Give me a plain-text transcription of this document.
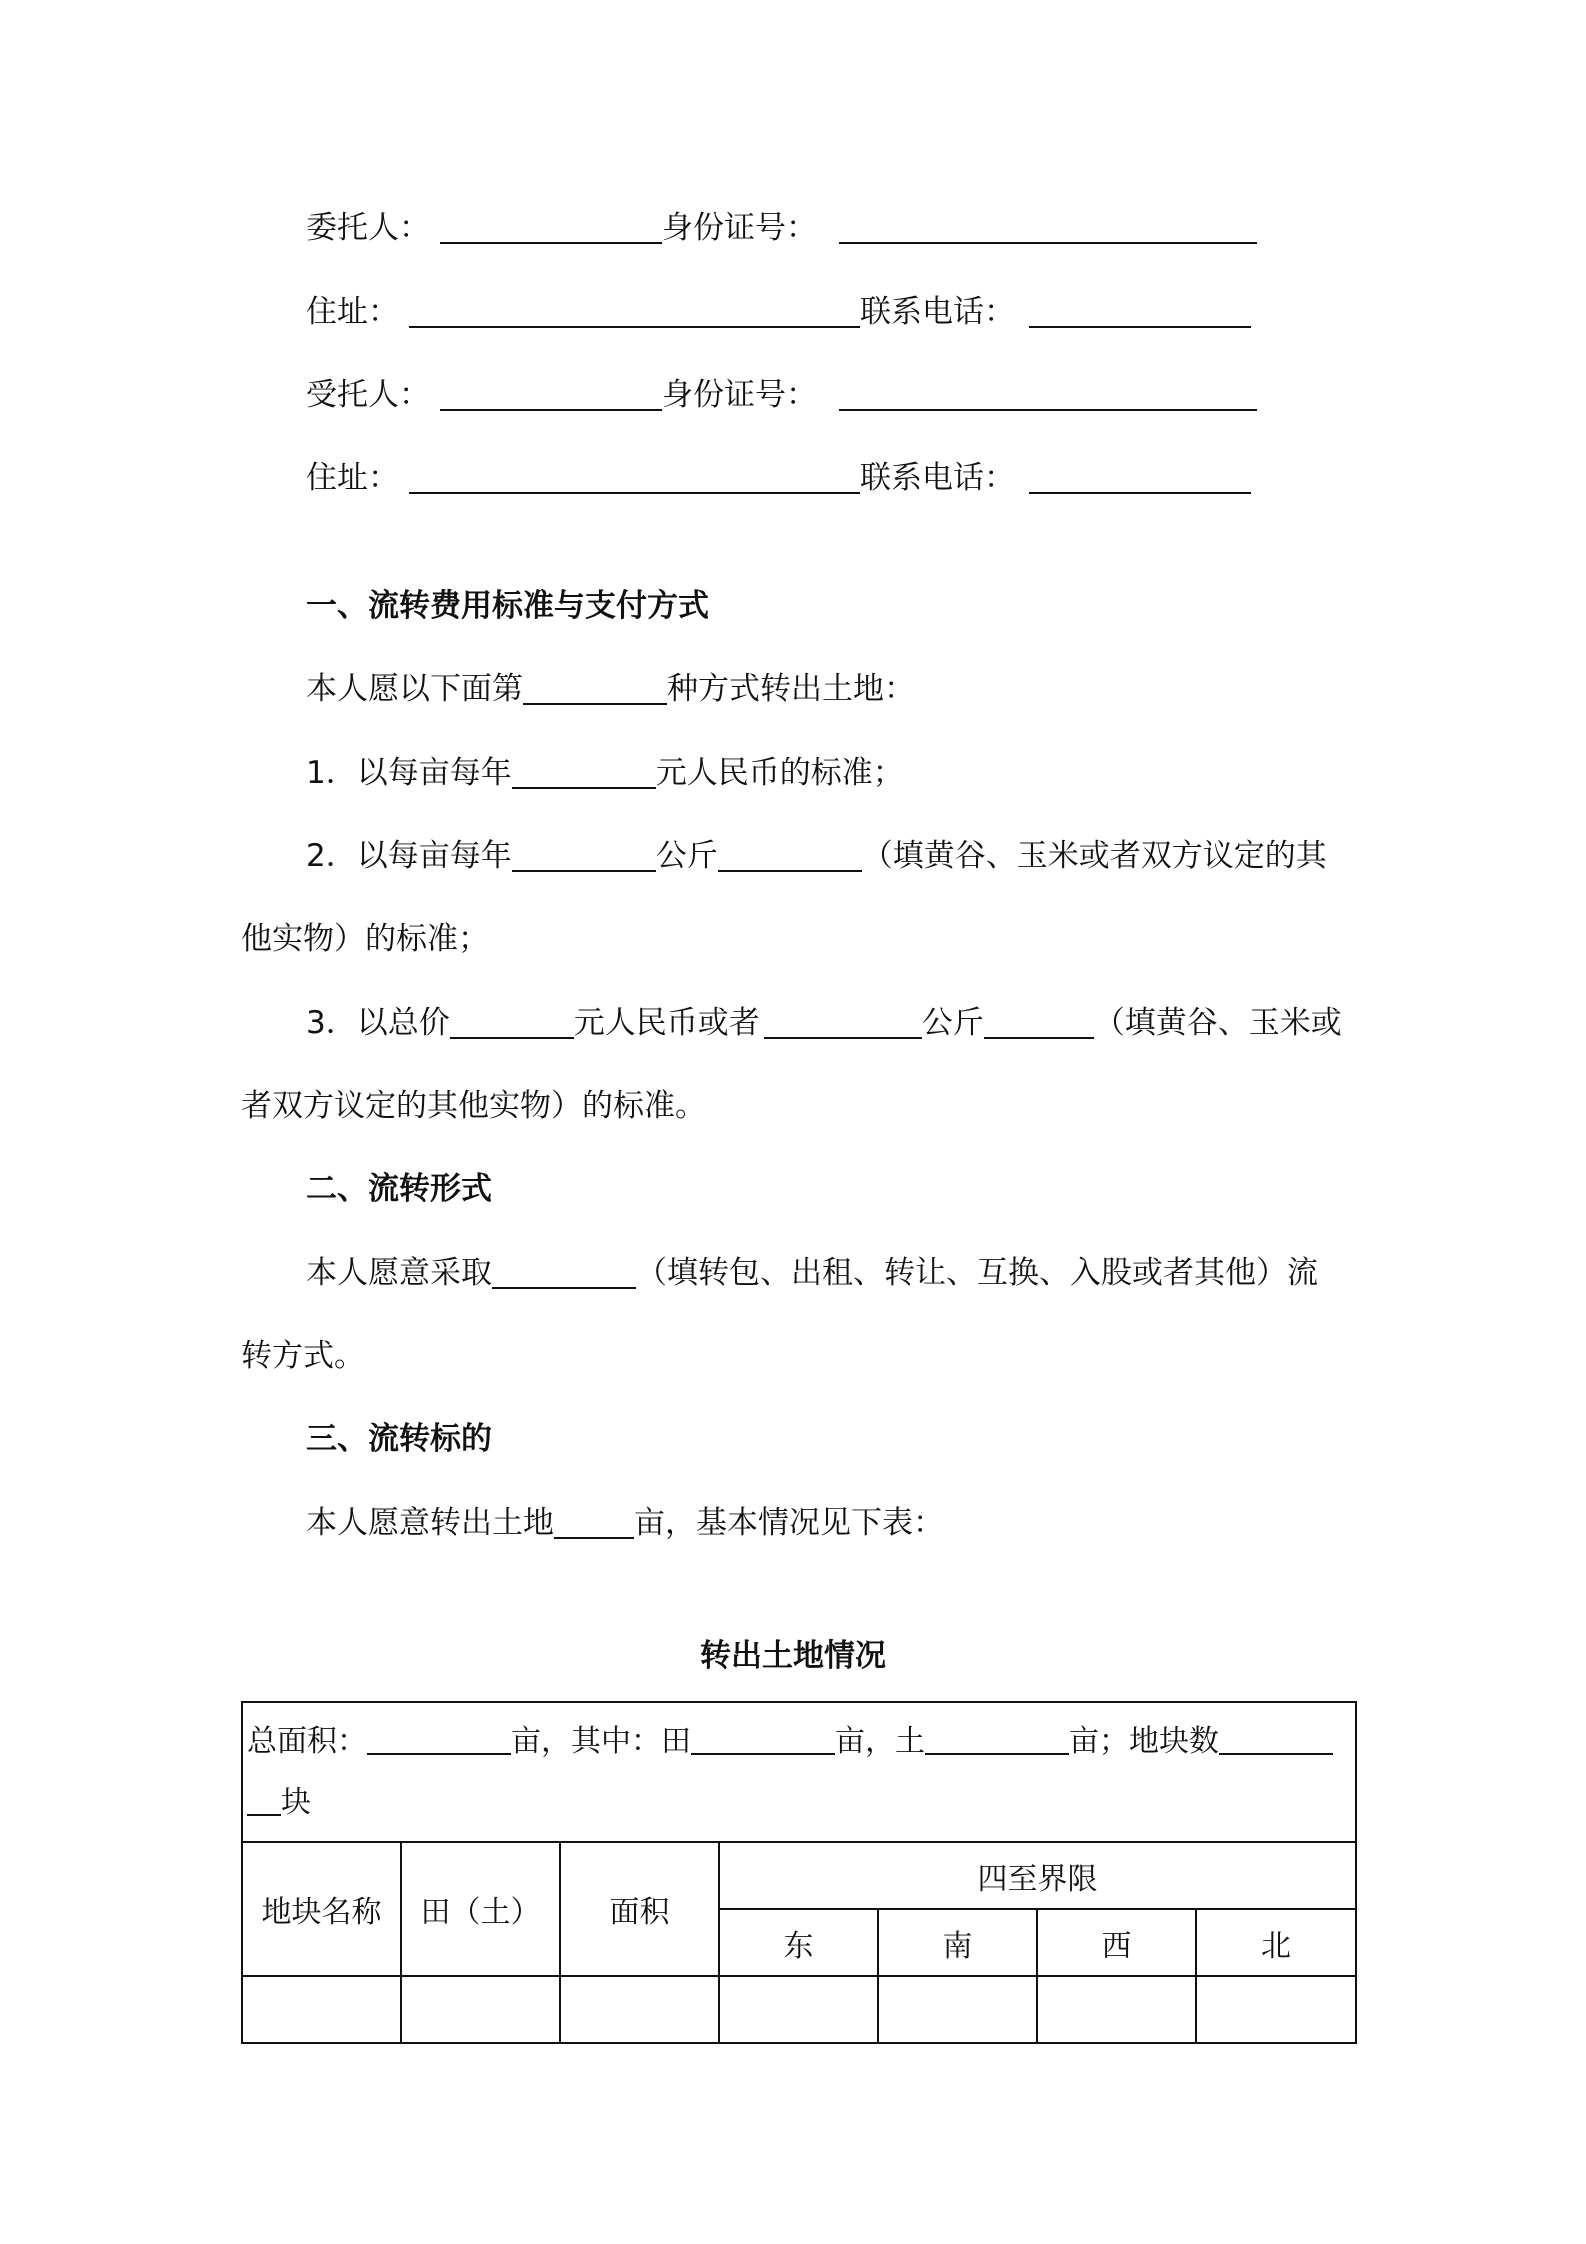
委托人：	身份证号：
住址：	联系电话：
受托人：	身份证号：
住址：	联系电话：
一、流转费用标准与支付方式
本人愿以下面第	种方式转出土地：
1．以每亩每年	元人民币的标准；
2．以每亩每年	公斤	（填黄谷、玉米或者双方议定的其
他实物）的标准；
3．以总价	元人民币或者	公斤	（填黄谷、玉米或
者双方议定的其他实物）的标准。
二、流转形式
本人愿意采取	（填转包、出租、转让、互换、入股或者其他）流
转方式。
三、流转标的
本人愿意转出土地	亩，基本情况见下表：
转出土地情况
总面积： 亩，其中：田 亩，土 亩；地块数
块						
地块名称	田（土）	面积	四至界限			
			东	南	西	北
